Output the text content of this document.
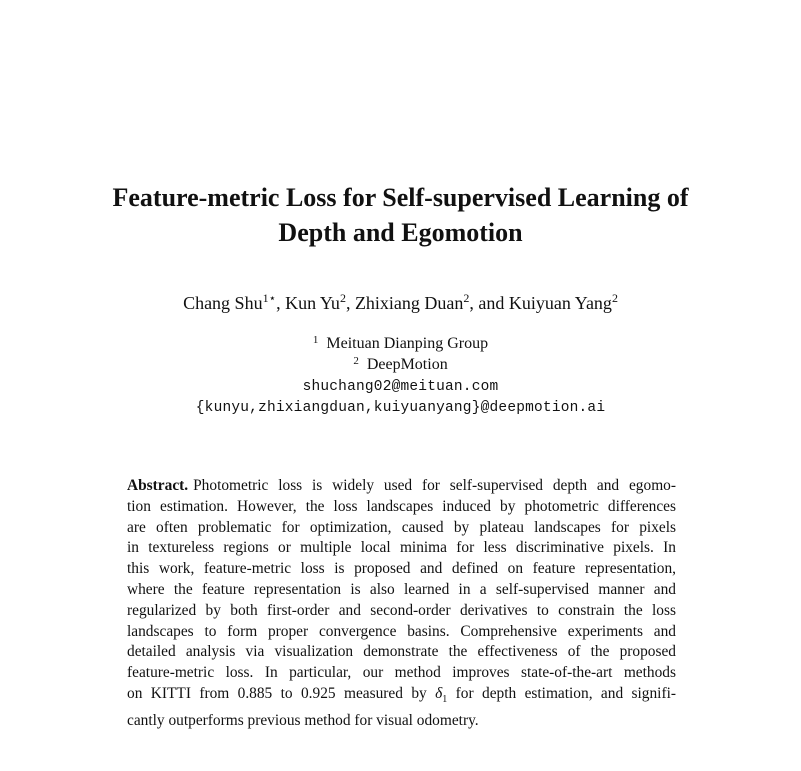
Feature-metric Loss for Self-supervised Learning of
Depth and Egomotion
Chang Shu$^{1⋆}$, Kun Yu$^2$, Zhixiang Duan$^2$, and Kuiyuan Yang$^2$
$^1$ Meituan Dianping Group
$^2$ DeepMotion
shuchang02@meituan.com
{kunyu,zhixiangduan,kuiyuanyang}@deepmotion.ai
Abstract. Photometric loss is widely used for self-supervised depth and egomo-
tion estimation. However, the loss landscapes induced by photometric differences
are often problematic for optimization, caused by plateau landscapes for pixels
in textureless regions or multiple local minima for less discriminative pixels. In
this work, feature-metric loss is proposed and defined on feature representation,
where the feature representation is also learned in a self-supervised manner and
regularized by both first-order and second-order derivatives to constrain the loss
landscapes to form proper convergence basins. Comprehensive experiments and
detailed analysis via visualization demonstrate the effectiveness of the proposed
feature-metric loss. In particular, our method improves state-of-the-art methods
on KITTI from 0.885 to 0.925 measured by $\delta_1$ for depth estimation, and signifi-
cantly outperforms previous method for visual odometry.
